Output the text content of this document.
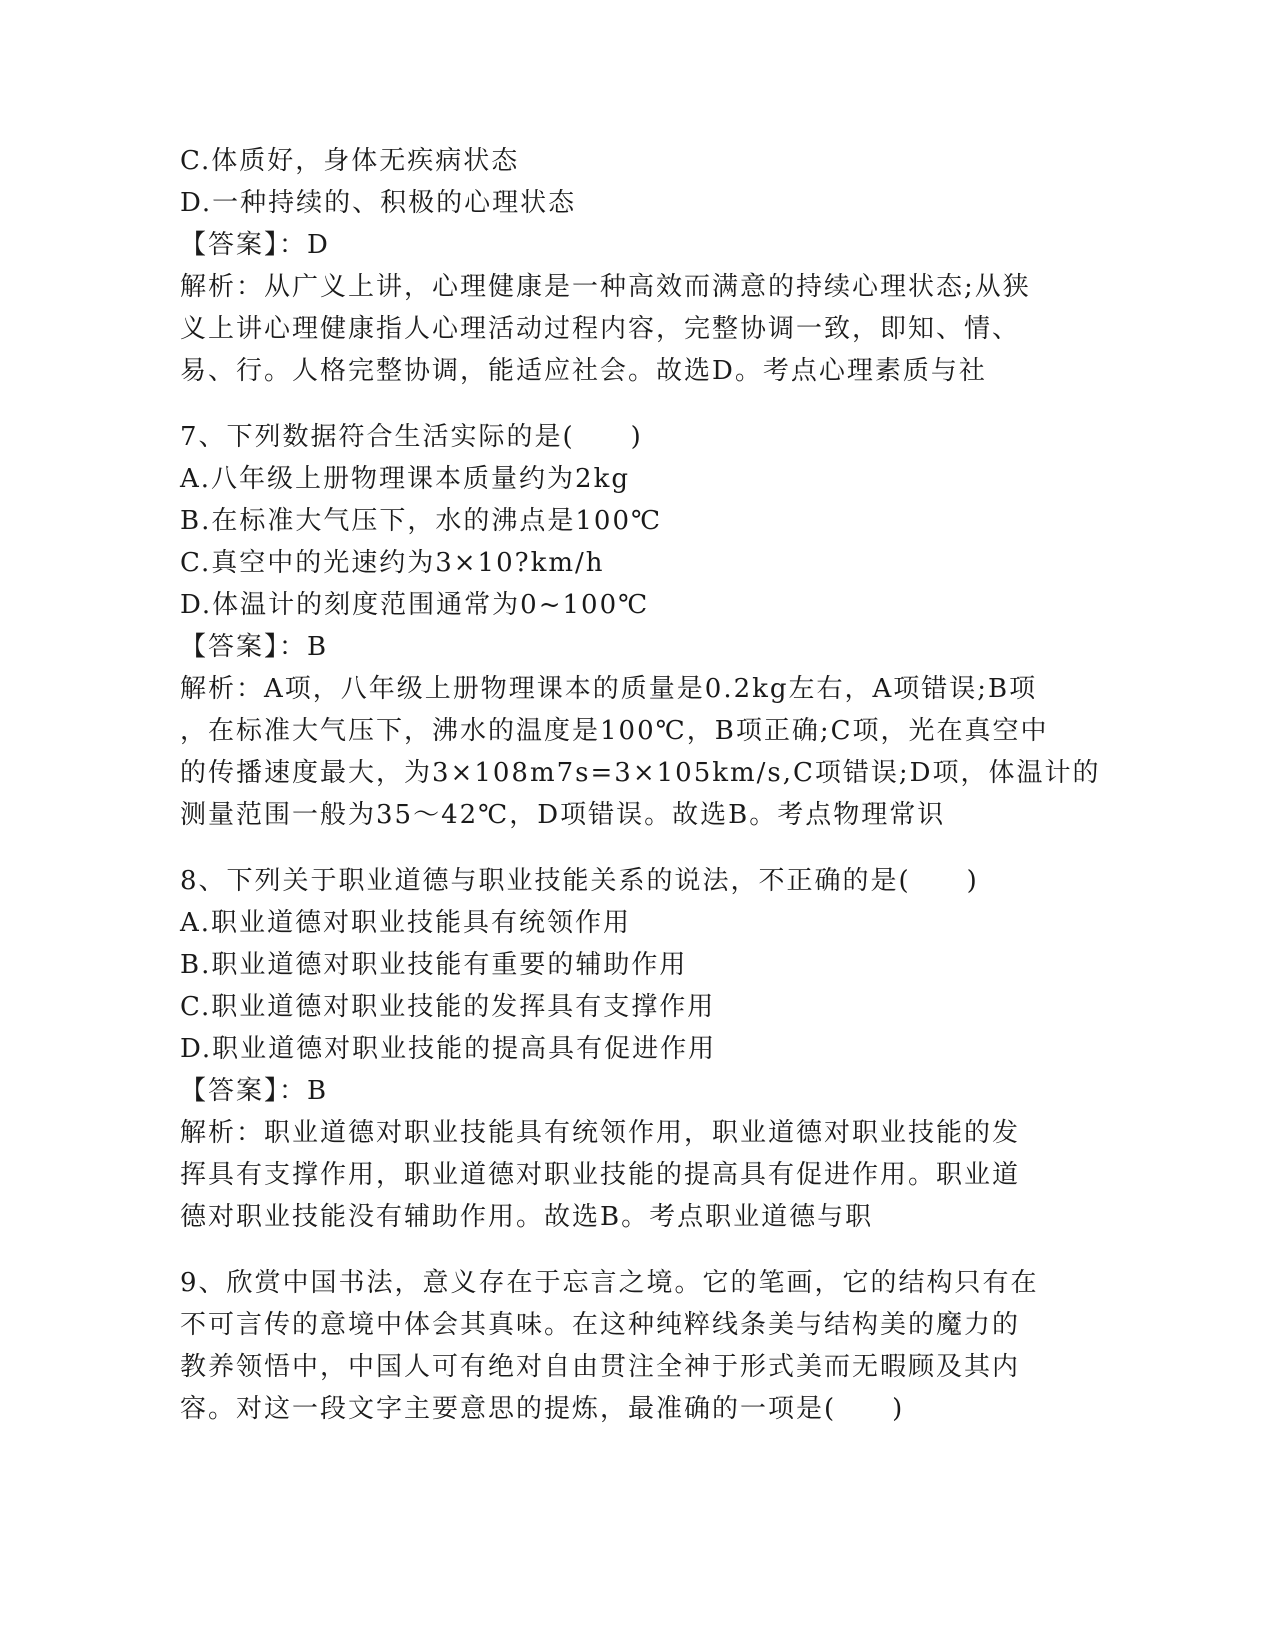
C.体质好，身体无疾病状态
D.一种持续的、积极的心理状态
【答案】：D
解析：从广义上讲，心理健康是一种高效而满意的持续心理状态;从狭
义上讲心理健康指人心理活动过程内容，完整协调一致，即知、情、
易、行。人格完整协调，能适应社会。故选D。考点心理素质与社
7、下列数据符合生活实际的是(　　)
A.八年级上册物理课本质量约为2kg
B.在标准大气压下，水的沸点是100℃
C.真空中的光速约为3×10?km/h
D.体温计的刻度范围通常为0~100℃
【答案】：B
解析：A项，八年级上册物理课本的质量是0.2kg左右，A项错误;B项
，在标准大气压下，沸水的温度是100℃，B项正确;C项，光在真空中
的传播速度最大，为3×108m7s=3×105km/s,C项错误;D项，体温计的
测量范围一般为35～42℃，D项错误。故选B。考点物理常识
8、下列关于职业道德与职业技能关系的说法，不正确的是(　　)
A.职业道德对职业技能具有统领作用
B.职业道德对职业技能有重要的辅助作用
C.职业道德对职业技能的发挥具有支撑作用
D.职业道德对职业技能的提高具有促进作用
【答案】：B
解析：职业道德对职业技能具有统领作用，职业道德对职业技能的发
挥具有支撑作用，职业道德对职业技能的提高具有促进作用。职业道
德对职业技能没有辅助作用。故选B。考点职业道德与职
9、欣赏中国书法，意义存在于忘言之境。它的笔画，它的结构只有在
不可言传的意境中体会其真味。在这种纯粹线条美与结构美的魔力的
教养领悟中，中国人可有绝对自由贯注全神于形式美而无暇顾及其内
容。对这一段文字主要意思的提炼，最准确的一项是(　　)
